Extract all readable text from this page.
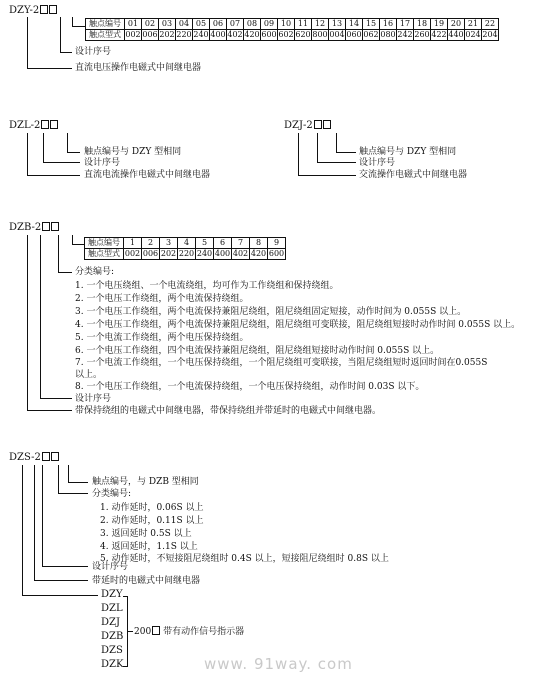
DZY-2
触点编号	01	02	03	04	05	06	07	08	09	10	11	12	13	14	15	16	17	18	19	20	21	22
触点型式	002	006	202	220	240	400	402	420	600	602	620	800	004	060	062	080	242	260	422	440	024	204
设计序号
直流电压操作电磁式中间继电器
DZL-2
触点编号与 DZY 型相同
设计序号
直流电流操作电磁式中间继电器
DZJ-2
触点编号与 DZY 型相同
设计序号
交流操作电磁式中间继电器
DZB-2
触点编号	1	2	3	4	5	6	7	8	9
触点型式	002	006	202	220	240	400	402	420	600
分类编号:
1. 一个电压绕组、一个电流绕组，均可作为工作绕组和保持绕组。
2. 一个电压工作绕组，两个电流保持绕组。
3. 一个电压工作绕组，两个电流保持兼阻尼绕组，阻尼绕组固定短接，动作时间为 0.055S 以上。
4. 一个电压工作绕组，两个电流保持兼阻尼绕组，阻尼绕组可变联接，阻尼绕组短接时动作时间 0.055S 以上。
5. 一个电流工作绕组，两个电压保持绕组。
6. 一个电压工作绕组，四个电流保持兼阻尼绕组，阻尼绕组短接时动作时间 0.055S 以上。
7. 一个电流工作绕组，一个电压保持绕组，一个阻尼绕组可变联接，当阻尼绕组短时返回时间在0.055S
以上。
8. 一个电压工作绕组，一个电流保持绕组，一个电压保持绕组，动作时间 0.03S 以下。
设计序号
带保持绕组的电磁式中间继电器，带保持绕组并带延时的电磁式中间继电器。
DZS-2
触点编号，与 DZB 型相同
分类编号:
1. 动作延时，0.06S 以上
2. 动作延时，0.11S 以上
3. 返回延时 0.5S 以上
4. 返回延时，1.1S 以上
5. 动作延时，不短接阻尼绕组时 0.4S 以上，短接阻尼绕组时 0.8S 以上
设计序号
带延时的电磁式中间继电器
DZY
DZL
DZJ
DZB
DZS
DZK
200 带有动作信号指示器
www. 91way. com
